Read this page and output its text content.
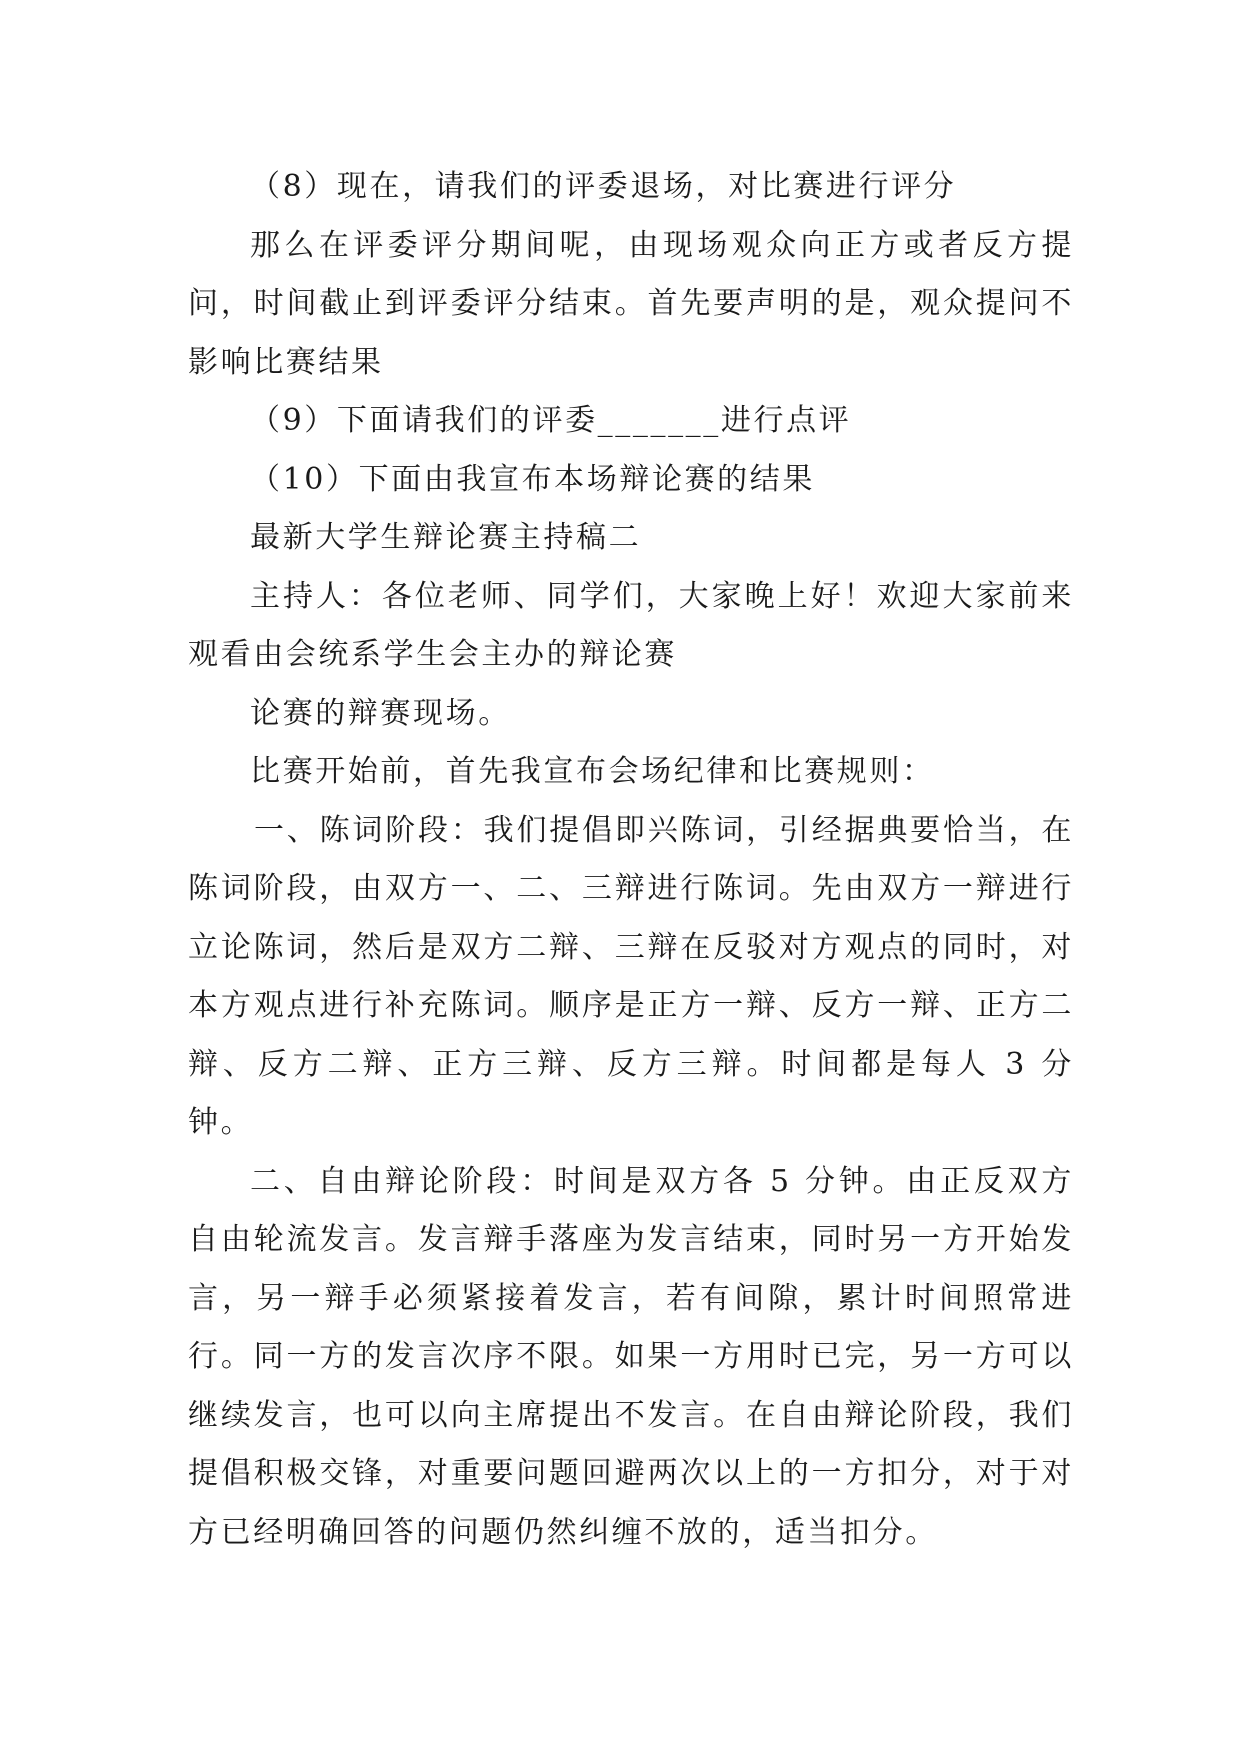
（8）现在，请我们的评委退场，对比赛进行评分

那么在评委评分期间呢，由现场观众向正方或者反方提问，时间截止到评委评分结束。首先要声明的是，观众提问不影响比赛结果

（9）下面请我们的评委_______进行点评

（10）下面由我宣布本场辩论赛的结果

最新大学生辩论赛主持稿二

主持人：各位老师、同学们，大家晚上好！欢迎大家前来观看由会统系学生会主办的辩论赛

论赛的辩赛现场。

比赛开始前，首先我宣布会场纪律和比赛规则：

一、陈词阶段：我们提倡即兴陈词，引经据典要恰当，在陈词阶段，由双方一、二、三辩进行陈词。先由双方一辩进行立论陈词，然后是双方二辩、三辩在反驳对方观点的同时，对本方观点进行补充陈词。顺序是正方一辩、反方一辩、正方二辩、反方二辩、正方三辩、反方三辩。时间都是每人 3 分钟。

二、自由辩论阶段：时间是双方各 5 分钟。由正反双方自由轮流发言。发言辩手落座为发言结束，同时另一方开始发言，另一辩手必须紧接着发言，若有间隙，累计时间照常进行。同一方的发言次序不限。如果一方用时已完，另一方可以继续发言，也可以向主席提出不发言。在自由辩论阶段，我们提倡积极交锋，对重要问题回避两次以上的一方扣分，对于对方已经明确回答的问题仍然纠缠不放的，适当扣分。
